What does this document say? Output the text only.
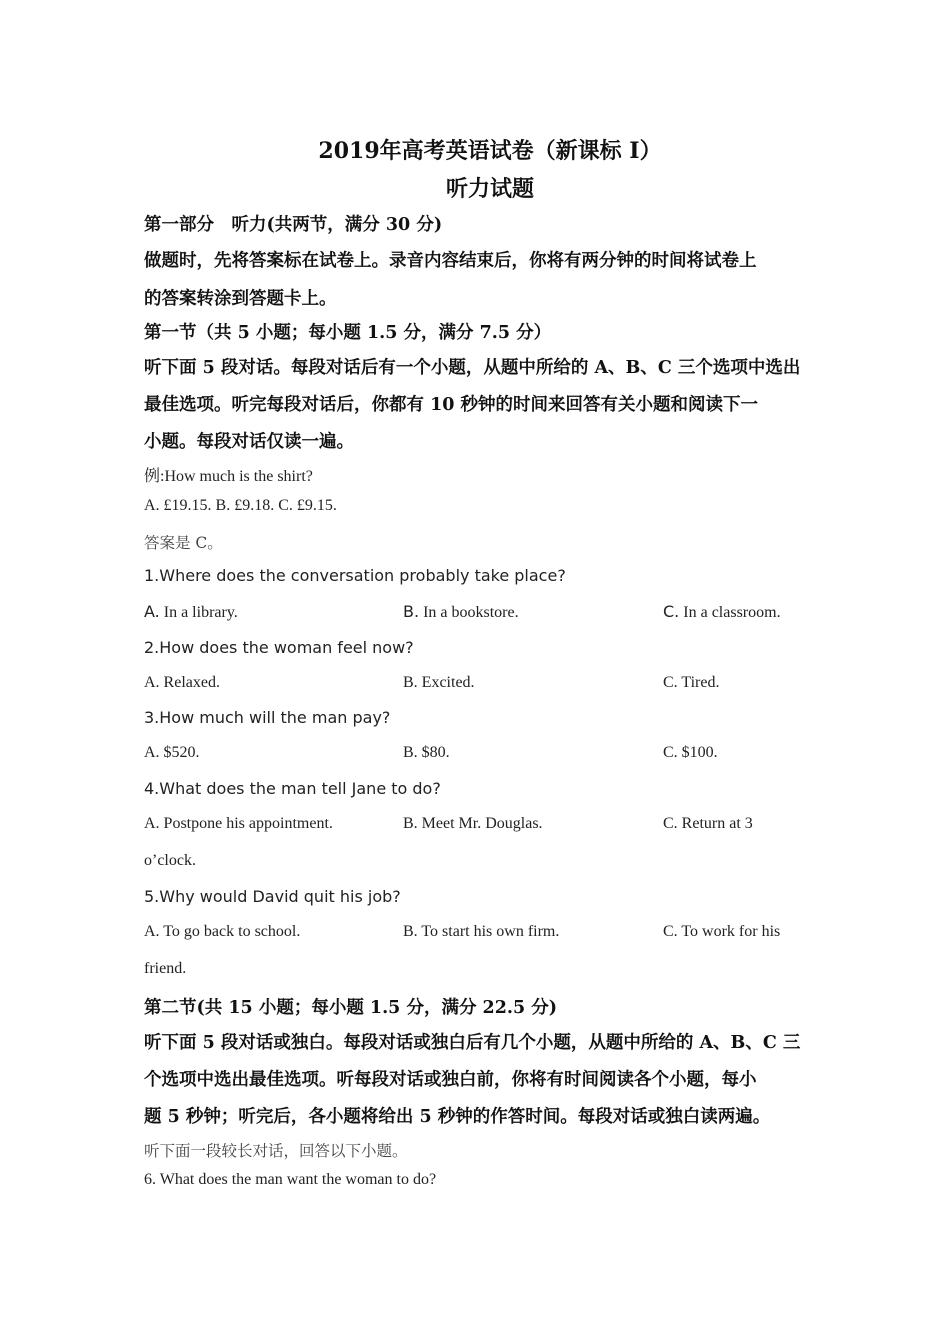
2019年高考英语试卷（新课标 I）
听力试题
第一部分　听力(共两节，满分 30 分)
做题时，先将答案标在试卷上。录音内容结束后，你将有两分钟的时间将试卷上
的答案转涂到答题卡上。
第一节（共 5 小题；每小题 1.5 分，满分 7.5 分）
听下面 5 段对话。每段对话后有一个小题，从题中所给的 A、B、C 三个选项中选出
最佳选项。听完每段对话后，你都有 10 秒钟的时间来回答有关小题和阅读下一
小题。每段对话仅读一遍。
例:How much is the shirt?
A. £19.15. B. £9.18. C. £9.15.
答案是 C。
1.Where does the conversation probably take place?
A. In a library.	B. In a bookstore.	C. In a classroom.
2.How does the woman feel now?
A. Relaxed.	B. Excited.	C. Tired.
3.How much will the man pay?
A. $520.	B. $80.	C. $100.
4.What does the man tell Jane to do?
A. Postpone his appointment.	B. Meet Mr. Douglas.	C. Return at 3
o’clock.
5.Why would David quit his job?
A. To go back to school.	B. To start his own firm.	C. To work for his
friend.
第二节(共 15 小题；每小题 1.5 分，满分 22.5 分)
听下面 5 段对话或独白。每段对话或独白后有几个小题，从题中所给的 A、B、C 三
个选项中选出最佳选项。听每段对话或独白前，你将有时间阅读各个小题，每小
题 5 秒钟；听完后，各小题将给出 5 秒钟的作答时间。每段对话或独白读两遍。
听下面一段较长对话，回答以下小题。
6. What does the man want the woman to do?
